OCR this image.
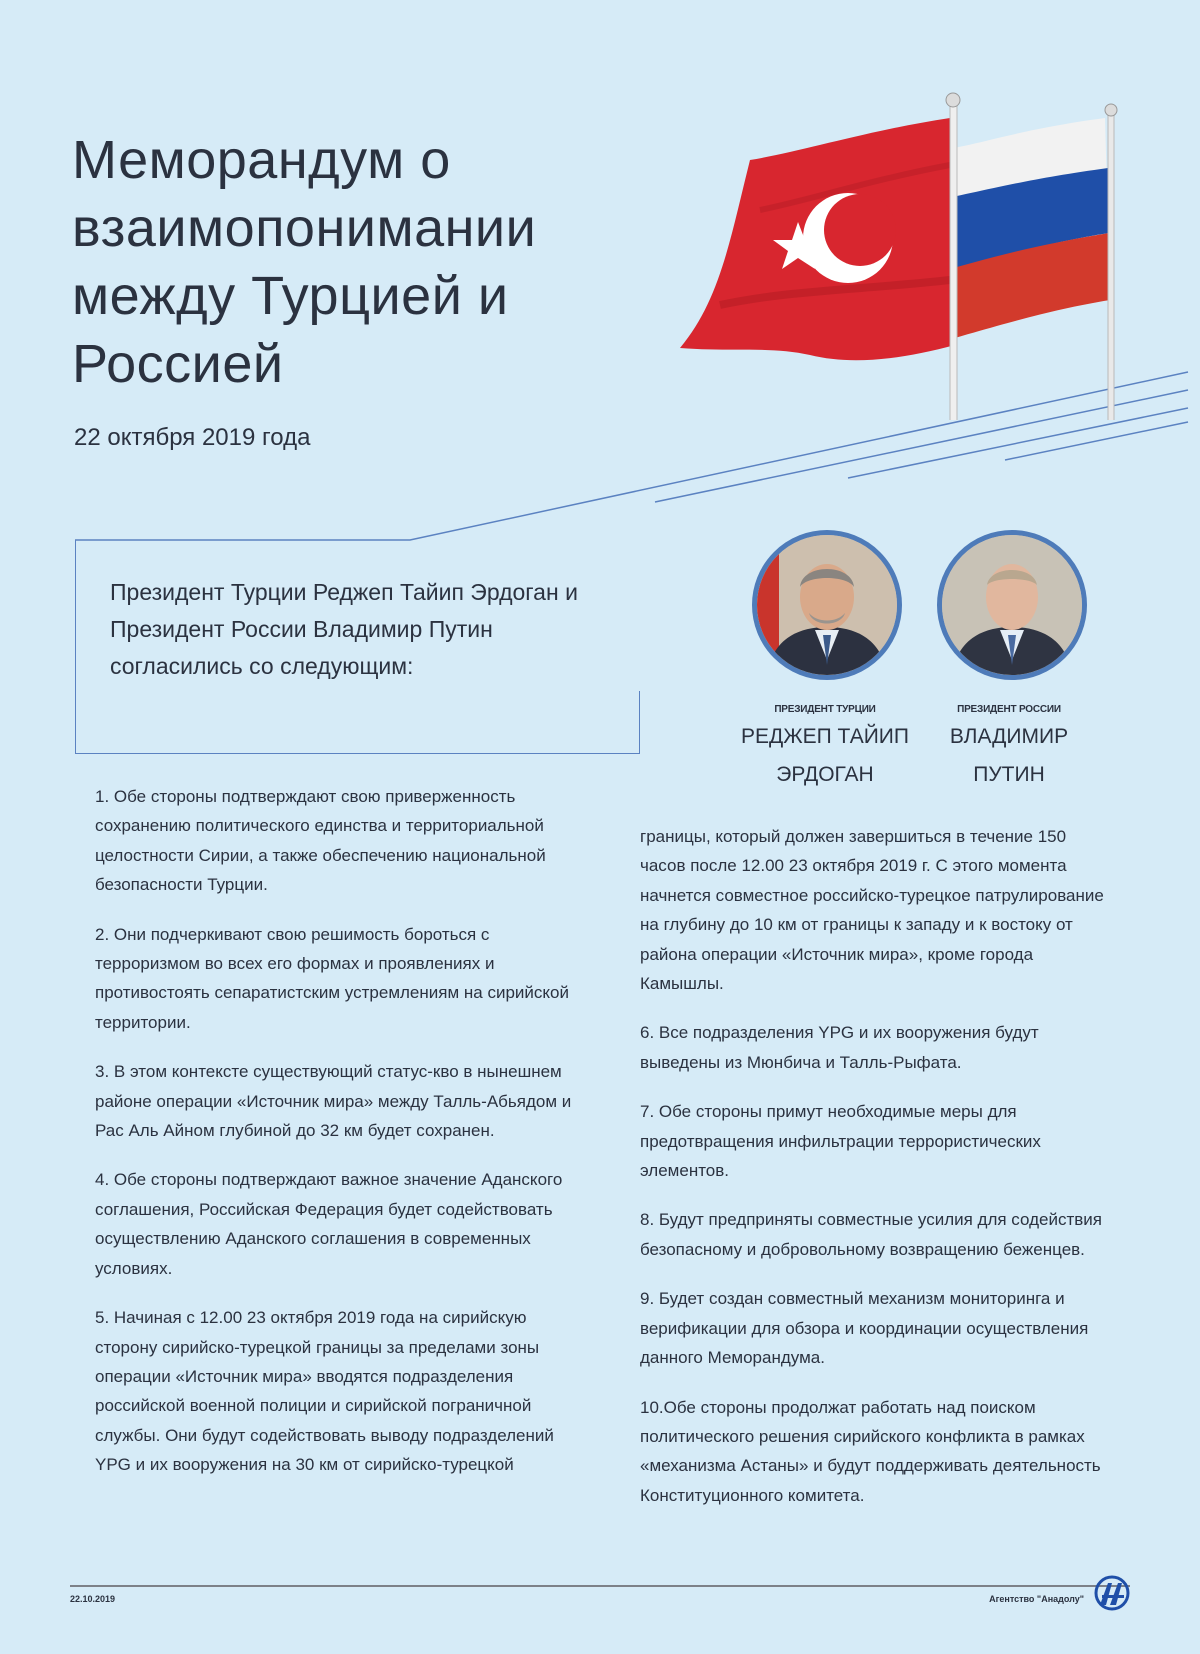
Меморандум о взаимопонимании между Турцией и Россией
22 октября 2019 года
Президент Турции Реджеп Тайип Эрдоган и Президент России Владимир Путин согласились со следующим:
ПРЕЗИДЕНТ ТУРЦИИ
РЕДЖЕП ТАЙИП
ЭРДОГАН
ПРЕЗИДЕНТ РОССИИ
ВЛАДИМИР
ПУТИН

1. Обе стороны подтверждают свою приверженность сохранению политического единства и территориальной целостности Сирии, а также обеспечению национальной безопасности Турции.

2. Они подчеркивают свою решимость бороться с терроризмом во всех его формах и проявлениях и противостоять сепаратистским устремлениям на сирийской территории.

3. В этом контексте существующий статус-кво в нынешнем районе операции «Источник мира» между Талль-Абьядом и Рас Аль Айном глубиной до 32 км будет сохранен.

4. Обе стороны подтверждают важное значение Аданского соглашения, Российская Федерация будет содействовать осуществлению Аданского соглашения в современных условиях.

5. Начиная с 12.00 23 октября 2019 года на сирийскую сторону сирийско-турецкой границы за пределами зоны операции «Источник мира» вводятся подразделения российской военной полиции и сирийской пограничной службы. Они будут содействовать выводу подразделений YPG и их вооружения на 30 км от сирийско-турецкой

границы, который должен завершиться в течение 150 часов после 12.00 23 октября 2019 г. С этого момента начнется совместное российско-турецкое патрулирование на глубину до 10 км от границы к западу и к востоку от района операции «Источник мира», кроме города Камышлы.

6. Все подразделения YPG и их вооружения будут выведены из Мюнбича и Талль-Рыфата.

7. Обе стороны примут необходимые меры для предотвращения инфильтрации террористических элементов.

8. Будут предприняты совместные усилия для содействия безопасному и добровольному возвращению беженцев.

9. Будет создан совместный механизм мониторинга и верификации для обзора и координации осуществления данного Меморандума.

10.Обе стороны продолжат работать над поиском политического решения сирийского конфликта в рамках «механизма Астаны» и будут поддерживать деятельность Конституционного комитета.

22.10.2019	Агентство "Анадолу"
